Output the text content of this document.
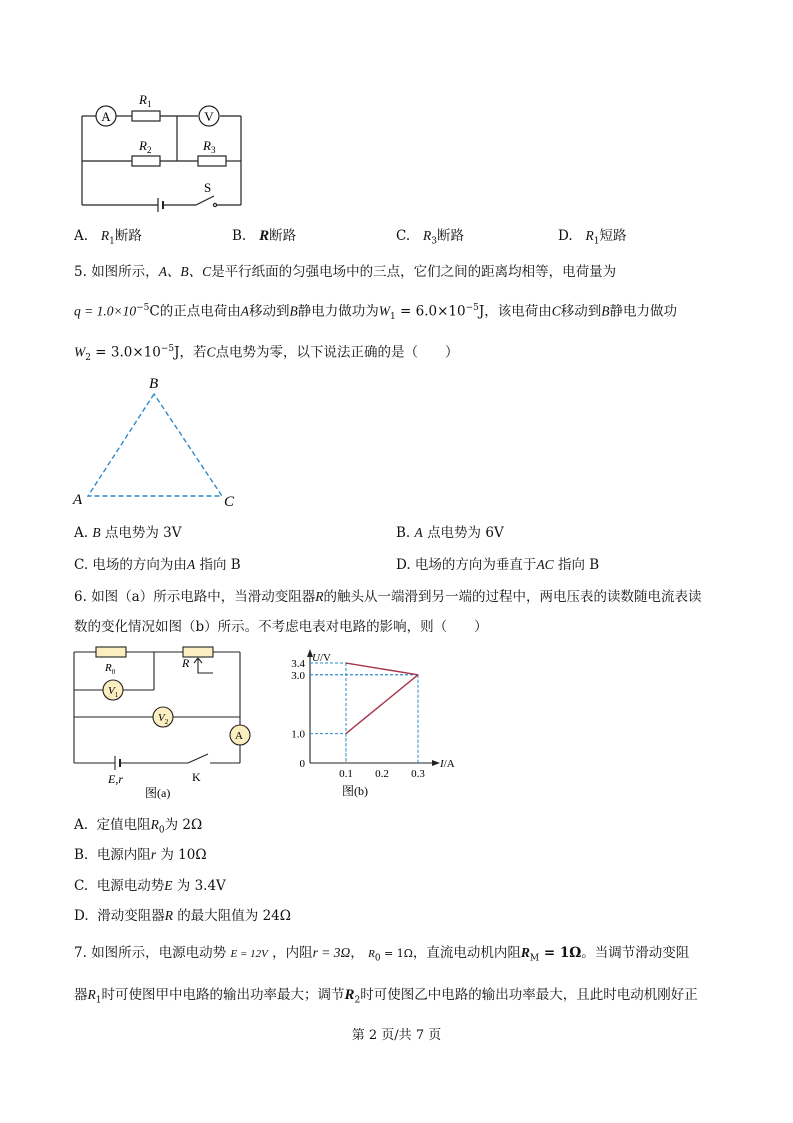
A	V
$R_1$
$R_2$	$R_3$
S
A. $R_1$断路	B. R断路	C. $R_3$断路	D. $R_1$短路
5. 如图所示，A、B、C是平行纸面的匀强电场中的三点，它们之间的距离均相等，电荷量为
$q = 1.0\times 10^{-5}C$的正点电荷由A移动到B静电力做功为$W_1 = 6.0\times 10^{-5}J$，该电荷由C移动到B静电力做功
$W_2 = 3.0\times 10^{-5}J$，若C点电势为零，以下说法正确的是（　　）
B
A	C
A. B 点电势为 3V	B. A 点电势为 6V
C. 电场的方向为由A 指向 B	D. 电场的方向为垂直于AC 指向 B
6. 如图（a）所示电路中，当滑动变阻器R的触头从一端滑到另一端的过程中，两电压表的读数随电流表读
数的变化情况如图（b）所示。不考虑电表对电路的影响，则（　　）
$V_1$
$V_2$
A
$R_0$
R
E,r	K
图(a)
3.4
3.0
1.0
0
0.1 0.2 0.3
U/V
I/A
图(b)
A. 定值电阻$R_0$为 2Ω
B. 电源内阻r 为 10Ω
C. 电源电动势E 为 3.4V
D. 滑动变阻器R 的最大阻值为 24Ω
7. 如图所示，电源电动势 E = 12V ，内阻r = 3Ω， $R_0 = 1\Omega$，直流电动机内阻$R_M = 1\Omega$。当调节滑动变阻
器$R_1$时可使图甲中电路的输出功率最大；调节$R_2$时可使图乙中电路的输出功率最大，且此时电动机刚好正
第 2 页/共 7 页
